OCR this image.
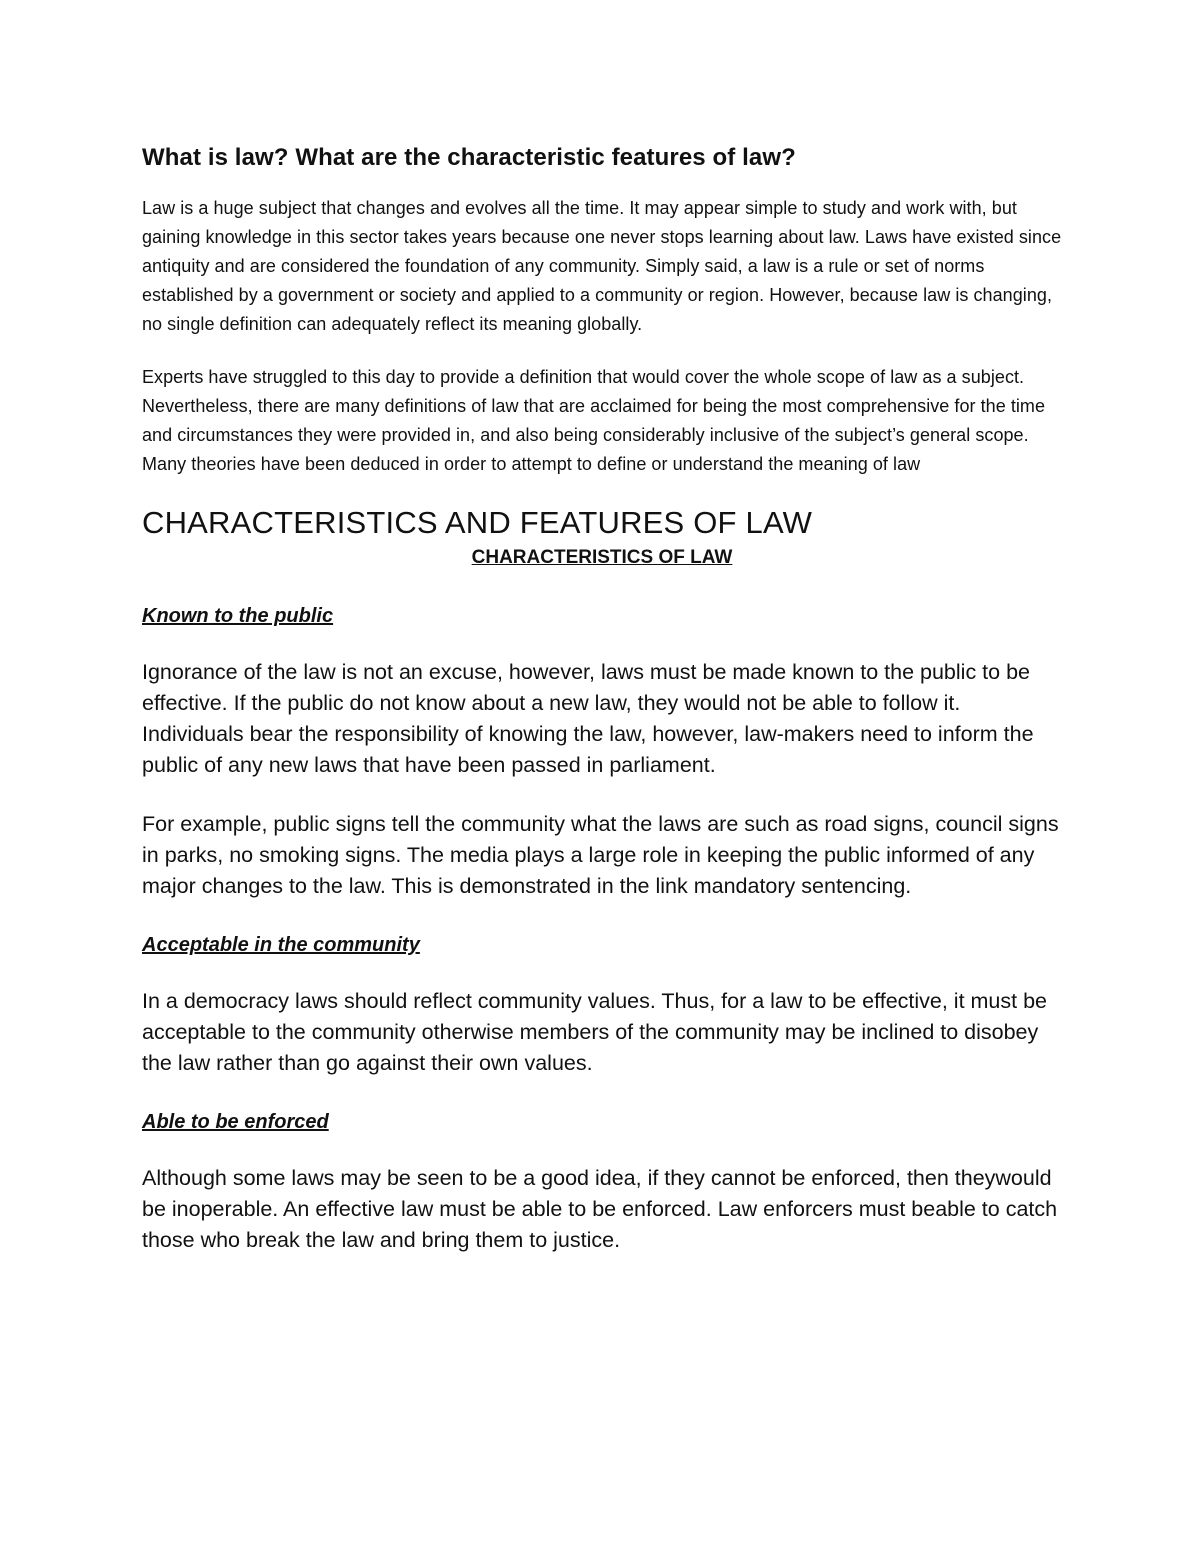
What is law? What are the characteristic features of law?

Law is a huge subject that changes and evolves all the time. It may appear simple to study and work with, but gaining knowledge in this sector takes years because one never stops learning about law. Laws have existed since antiquity and are considered the foundation of any community. Simply said, a law is a rule or set of norms established by a government or society and applied to a community or region. However, because law is changing, no single definition can adequately reflect its meaning globally.

Experts have struggled to this day to provide a definition that would cover the whole scope of law as a subject. Nevertheless, there are many definitions of law that are acclaimed for being the most comprehensive for the time and circumstances they were provided in, and also being considerably inclusive of the subject’s general scope. Many theories have been deduced in order to attempt to define or understand the meaning of law

CHARACTERISTICS AND FEATURES OF LAW
CHARACTERISTICS OF LAW
Known to the public

Ignorance of the law is not an excuse, however, laws must be made known to the public to be effective. If the public do not know about a new law, they would not be able to follow it. Individuals bear the responsibility of knowing the law, however, law-makers need to inform the public of any new laws that have been passed in parliament.

For example, public signs tell the community what the laws are such as road signs, council signs in parks, no smoking signs. The media plays a large role in keeping the public informed of any major changes to the law. This is demonstrated in the link mandatory sentencing.

Acceptable in the community

In a democracy laws should reflect community values. Thus, for a law to be effective, it must be acceptable to the community otherwise members of the community may be inclined to disobey the law rather than go against their own values.

Able to be enforced

Although some laws may be seen to be a good idea, if they cannot be enforced, then theywould be inoperable. An effective law must be able to be enforced. Law enforcers must beable to catch those who break the law and bring them to justice.
